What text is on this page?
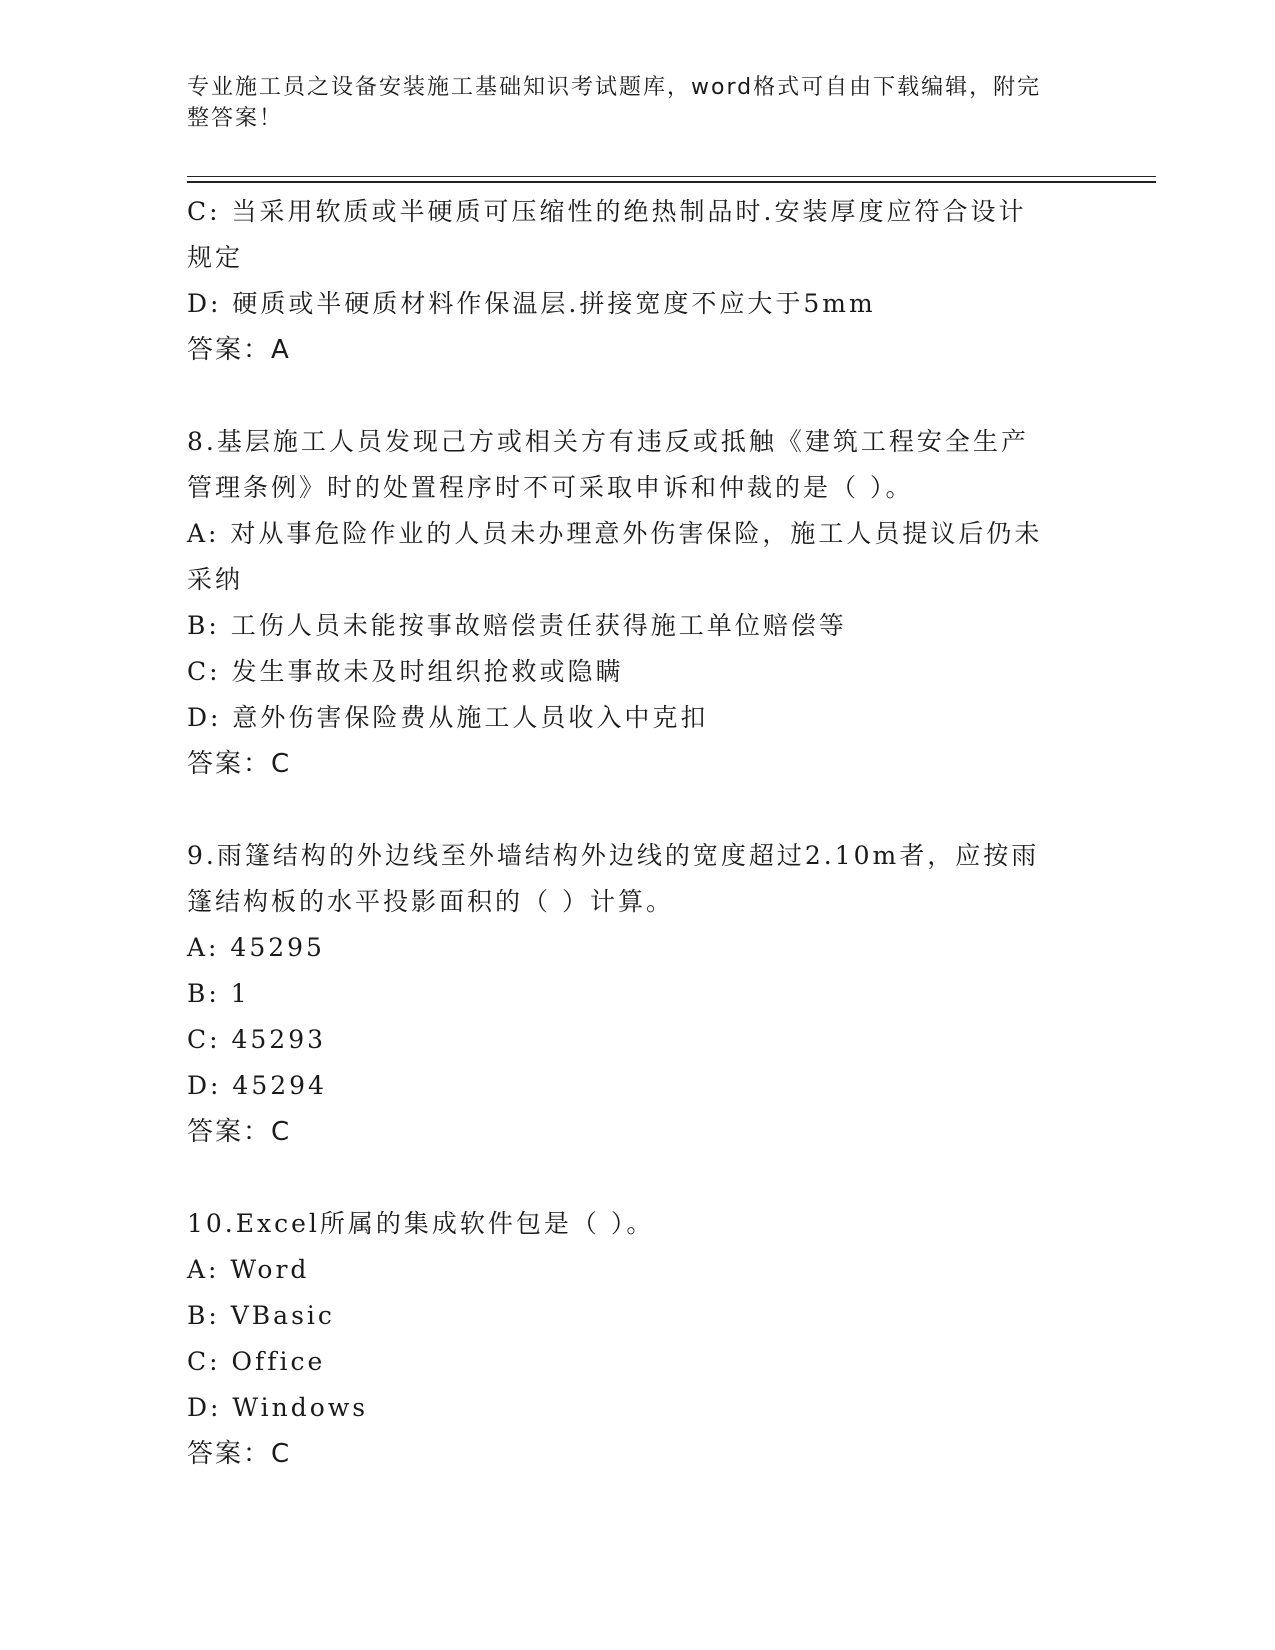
专业施工员之设备安装施工基础知识考试题库，word格式可自由下载编辑，附完
整答案！
C: 当采用软质或半硬质可压缩性的绝热制品时.安装厚度应符合设计
规定
D: 硬质或半硬质材料作保温层.拼接宽度不应大于5mm
答案：A
8.基层施工人员发现己方或相关方有违反或抵触《建筑工程安全生产
管理条例》时的处置程序时不可采取申诉和仲裁的是（ ）。
A: 对从事危险作业的人员未办理意外伤害保险，施工人员提议后仍未
采纳
B: 工伤人员未能按事故赔偿责任获得施工单位赔偿等
C: 发生事故未及时组织抢救或隐瞒
D: 意外伤害保险费从施工人员收入中克扣
答案：C
9.雨篷结构的外边线至外墙结构外边线的宽度超过2.10m者，应按雨
篷结构板的水平投影面积的（ ）计算。
A: 45295
B: 1
C: 45293
D: 45294
答案：C
10.Excel所属的集成软件包是（ ）。
A: Word
B: VBasic
C: Office
D: Windows
答案：C
